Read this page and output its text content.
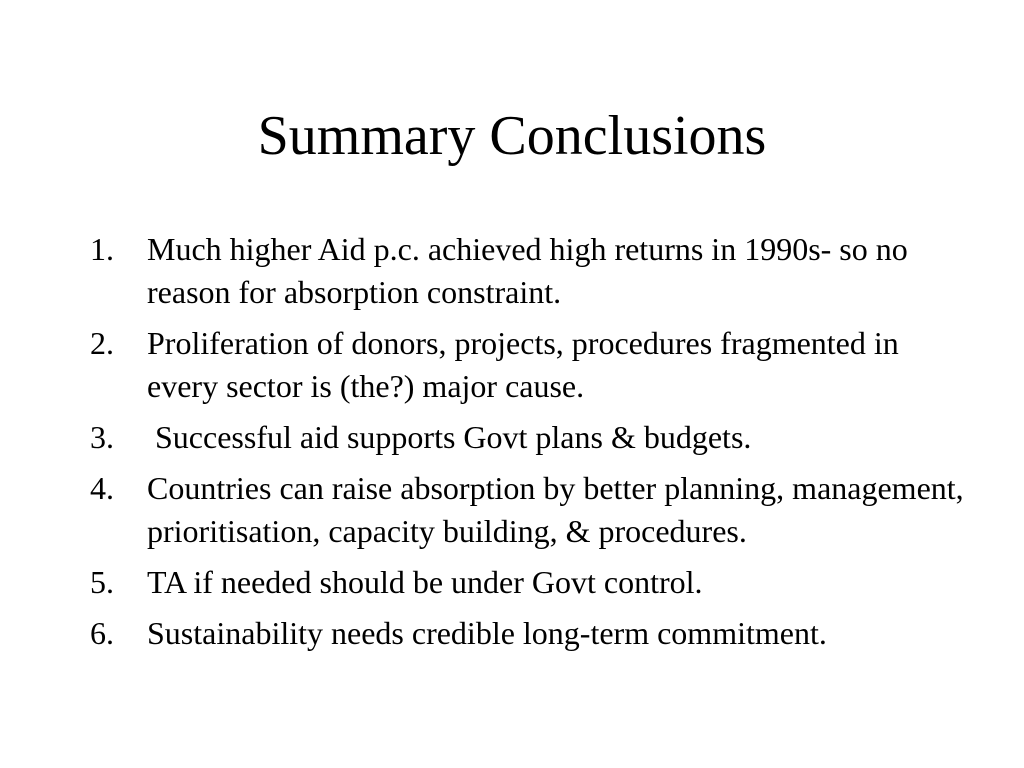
Summary Conclusions
1.	Much higher Aid p.c. achieved high returns in 1990s- so no reason for absorption constraint.
2.	Proliferation of donors, projects, procedures fragmented in every sector is (the?) major cause.
3.	Successful aid supports Govt plans & budgets.
4.	Countries can raise absorption by better planning, management, prioritisation, capacity building, & procedures.
5.	TA if needed should be under Govt control.
6.	Sustainability needs credible long-term commitment.
